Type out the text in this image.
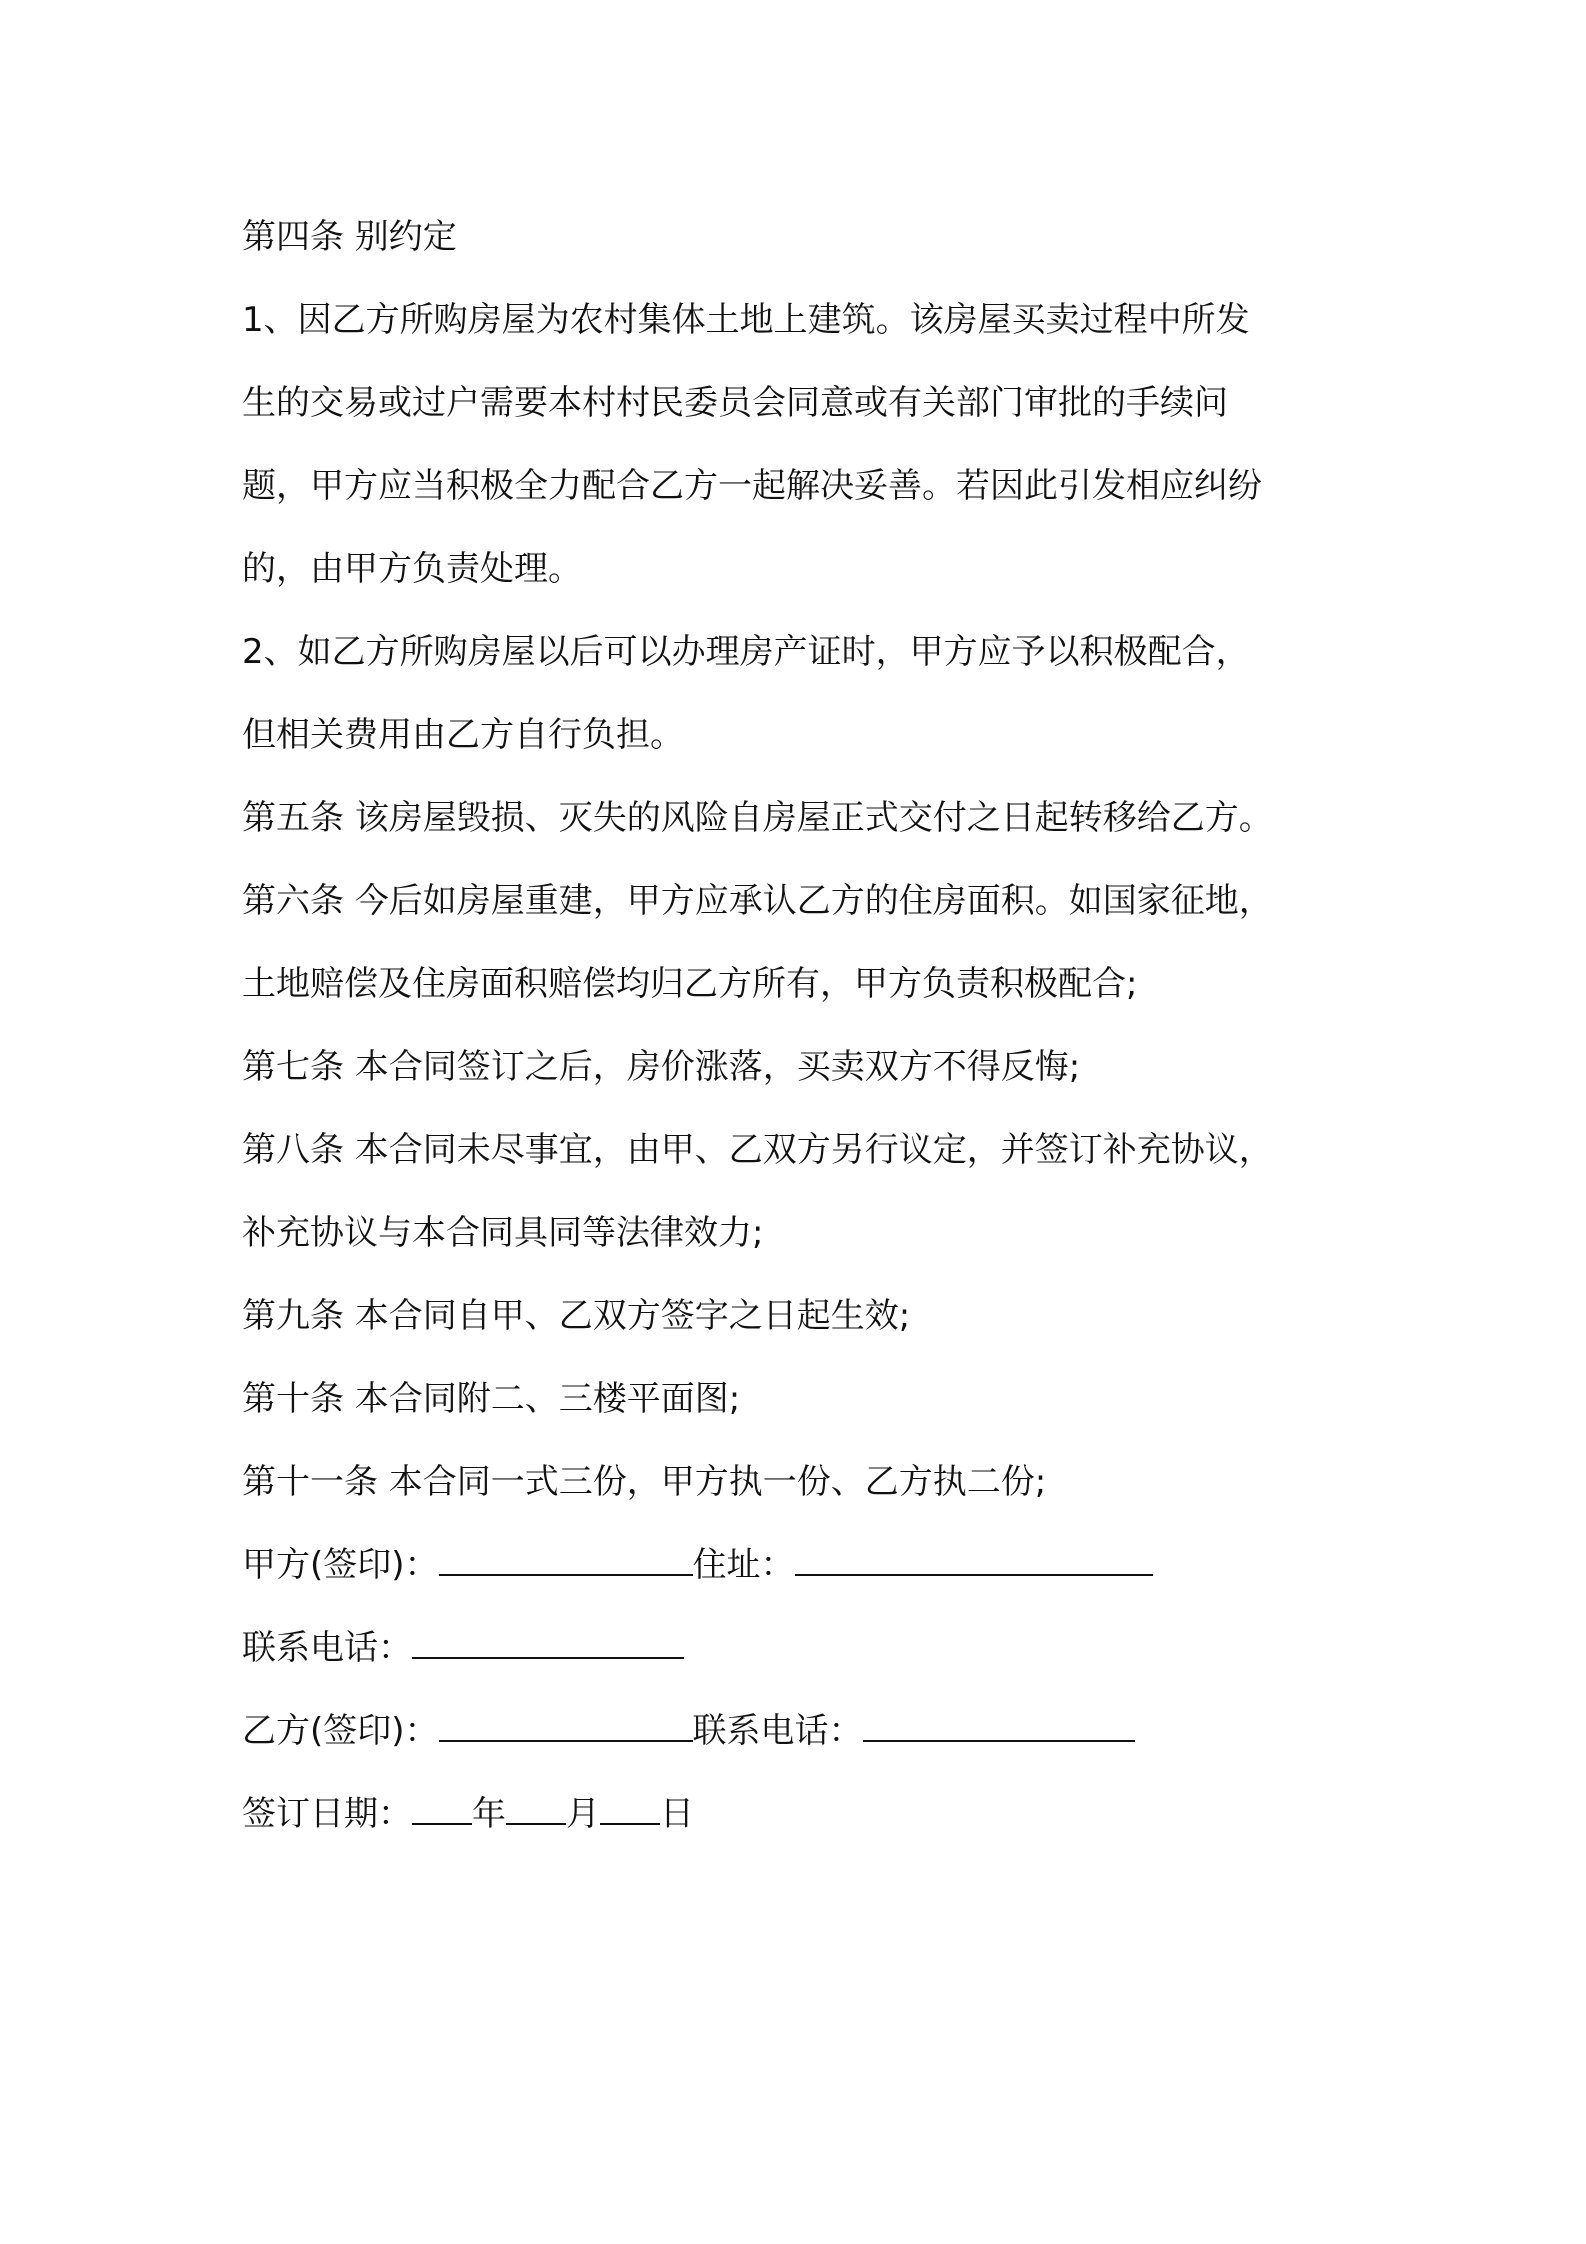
第四条 别约定
1、因乙方所购房屋为农村集体土地上建筑。该房屋买卖过程中所发
生的交易或过户需要本村村民委员会同意或有关部门审批的手续问
题，甲方应当积极全力配合乙方一起解决妥善。若因此引发相应纠纷
的，由甲方负责处理。
2、如乙方所购房屋以后可以办理房产证时，甲方应予以积极配合，
但相关费用由乙方自行负担。
第五条 该房屋毁损、灭失的风险自房屋正式交付之日起转移给乙方。
第六条 今后如房屋重建，甲方应承认乙方的住房面积。如国家征地，
土地赔偿及住房面积赔偿均归乙方所有，甲方负责积极配合;
第七条 本合同签订之后，房价涨落，买卖双方不得反悔;
第八条 本合同未尽事宜，由甲、乙双方另行议定，并签订补充协议，
补充协议与本合同具同等法律效力;
第九条 本合同自甲、乙双方签字之日起生效;
第十条 本合同附二、三楼平面图;
第十一条 本合同一式三份，甲方执一份、乙方执二份;
甲方(签印)：	住址：
联系电话：
乙方(签印)：	联系电话：
签订日期： 年 月 日
